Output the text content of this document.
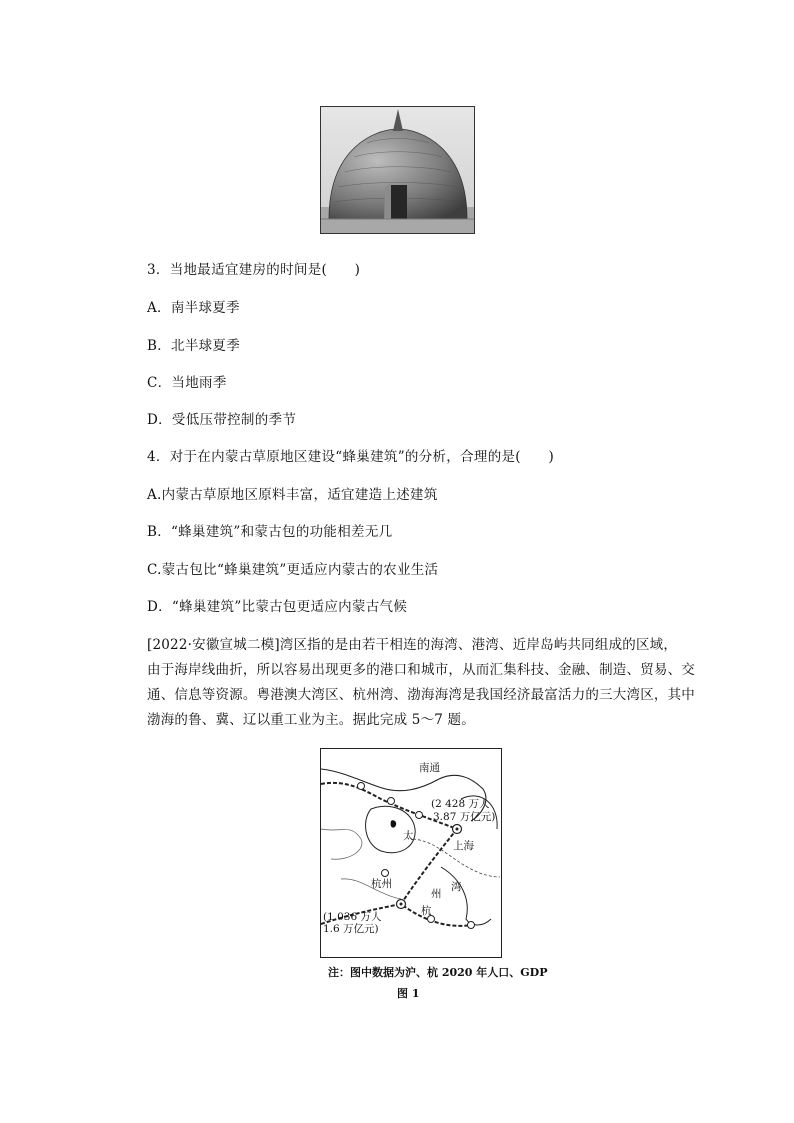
3．当地最适宜建房的时间是(　　)
A．南半球夏季
B．北半球夏季
C．当地雨季
D．受低压带控制的季节
4．对于在内蒙古草原地区建设“蜂巢建筑”的分析，合理的是(　　)
A.内蒙古草原地区原料丰富，适宜建造上述建筑
B．“蜂巢建筑”和蒙古包的功能相差无几
C.蒙古包比“蜂巢建筑”更适应内蒙古的农业生活
D．“蜂巢建筑”比蒙古包更适应内蒙古气候
[2022·安徽宣城二模]湾区指的是由若干相连的海湾、港湾、近岸岛屿共同组成的区域，
由于海岸线曲折，所以容易出现更多的港口和城市，从而汇集科技、金融、制造、贸易、交
通、信息等资源。粤港澳大湾区、杭州湾、渤海海湾是我国经济最富活力的三大湾区，其中
渤海的鲁、冀、辽以重工业为主。据此完成 5～7 题。
南通
(2 428 万人
3.87 万亿元)
上海
太
杭州
(1 036 万人
1.6 万亿元)
湾
州
杭
注：图中数据为沪、杭 2020 年人口、GDP
图 1
